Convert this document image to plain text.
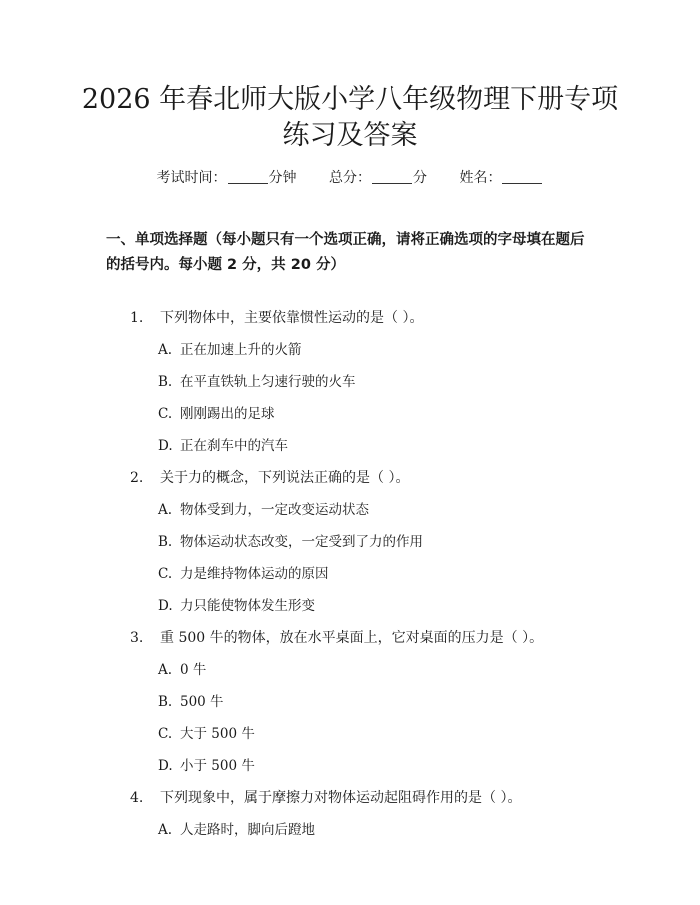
2026 年春北师大版小学八年级物理下册专项
练习及答案
考试时间：	分钟 总分：	分 姓名：

一、单项选择题（每小题只有一个选项正确，请将正确选项的字母填在题后的括号内。每小题 2 分，共 20 分）

1. 下列物体中，主要依靠惯性运动的是（ ）。
A. 正在加速上升的火箭
B. 在平直铁轨上匀速行驶的火车
C. 刚刚踢出的足球
D. 正在刹车中的汽车
2. 关于力的概念，下列说法正确的是（ ）。
A. 物体受到力，一定改变运动状态
B. 物体运动状态改变，一定受到了力的作用
C. 力是维持物体运动的原因
D. 力只能使物体发生形变
3. 重 500 牛的物体，放在水平桌面上，它对桌面的压力是（ ）。
A. 0 牛
B. 500 牛
C. 大于 500 牛
D. 小于 500 牛
4. 下列现象中，属于摩擦力对物体运动起阻碍作用的是（ ）。
A. 人走路时，脚向后蹬地
